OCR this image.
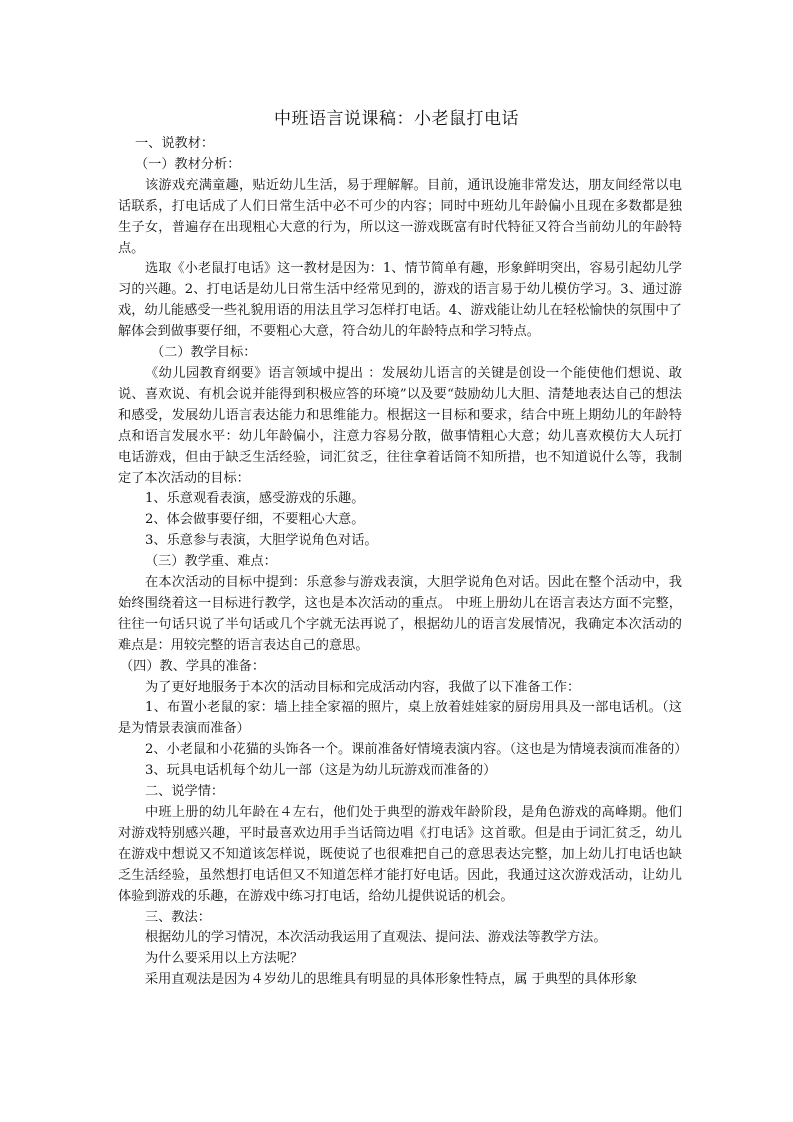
中班语言说课稿：小老鼠打电话

一、说教材：

（一）教材分析：

该游戏充满童趣，贴近幼儿生活，易于理解解。目前，通讯设施非常发达，朋友间经常以电话联系，打电话成了人们日常生活中必不可少的内容；同时中班幼儿年龄偏小且现在多数都是独生子女，普遍存在出现粗心大意的行为，所以这一游戏既富有时代特征又符合当前幼儿的年龄特点。

选取《小老鼠打电话》这一教材是因为：1、情节简单有趣，形象鲜明突出，容易引起幼儿学习的兴趣。2、打电话是幼儿日常生活中经常见到的，游戏的语言易于幼儿模仿学习。3、通过游戏，幼儿能感受一些礼貌用语的用法且学习怎样打电话。4、游戏能让幼儿在轻松愉快的氛围中了解体会到做事要仔细，不要粗心大意，符合幼儿的年龄特点和学习特点。

（二）教学目标：

《幼儿园教育纲要》语言领域中提出 ：发展幼儿语言的关键是创设一个能使他们想说、敢说、喜欢说、有机会说并能得到积极应答的环境”以及要“鼓励幼儿大胆、清楚地表达自己的想法和感受，发展幼儿语言表达能力和思维能力。根据这一目标和要求，结合中班上期幼儿的年龄特点和语言发展水平：幼儿年龄偏小，注意力容易分散，做事情粗心大意；幼儿喜欢模仿大人玩打电话游戏，但由于缺乏生活经验，词汇贫乏，往往拿着话筒不知所措，也不知道说什么等，我制定了本次活动的目标：

1、乐意观看表演，感受游戏的乐趣。

2、体会做事要仔细，不要粗心大意。

3、乐意参与表演，大胆学说角色对话。

（三）教学重、难点：

在本次活动的目标中提到：乐意参与游戏表演，大胆学说角色对话。因此在整个活动中，我始终围绕着这一目标进行教学，这也是本次活动的重点。 中班上册幼儿在语言表达方面不完整，往往一句话只说了半句话或几个字就无法再说了，根据幼儿的语言发展情况，我确定本次活动的难点是：用较完整的语言表达自己的意思。

（四）教、学具的准备：

为了更好地服务于本次的活动目标和完成活动内容，我做了以下准备工作：

1、布置小老鼠的家：墙上挂全家福的照片，桌上放着娃娃家的厨房用具及一部电话机。（这是为情景表演而准备）

2、小老鼠和小花猫的头饰各一个。课前准备好情境表演内容。（这也是为情境表演而准备的）

3、玩具电话机每个幼儿一部（这是为幼儿玩游戏而准备的）

二、说学情：

中班上册的幼儿年龄在４左右，他们处于典型的游戏年龄阶段，是角色游戏的高峰期。他们对游戏特别感兴趣，平时最喜欢边用手当话筒边唱《打电话》这首歌。但是由于词汇贫乏，幼儿在游戏中想说又不知道该怎样说，既使说了也很难把自己的意思表达完整，加上幼儿打电话也缺乏生活经验，虽然想打电话但又不知道怎样才能打好电话。因此，我通过这次游戏活动，让幼儿体验到游戏的乐趣，在游戏中练习打电话，给幼儿提供说话的机会。

三、教法：

根据幼儿的学习情况，本次活动我运用了直观法、提问法、游戏法等教学方法。

为什么要采用以上方法呢？

采用直观法是因为４岁幼儿的思维具有明显的具体形象性特点，属 于典型的具体形象
